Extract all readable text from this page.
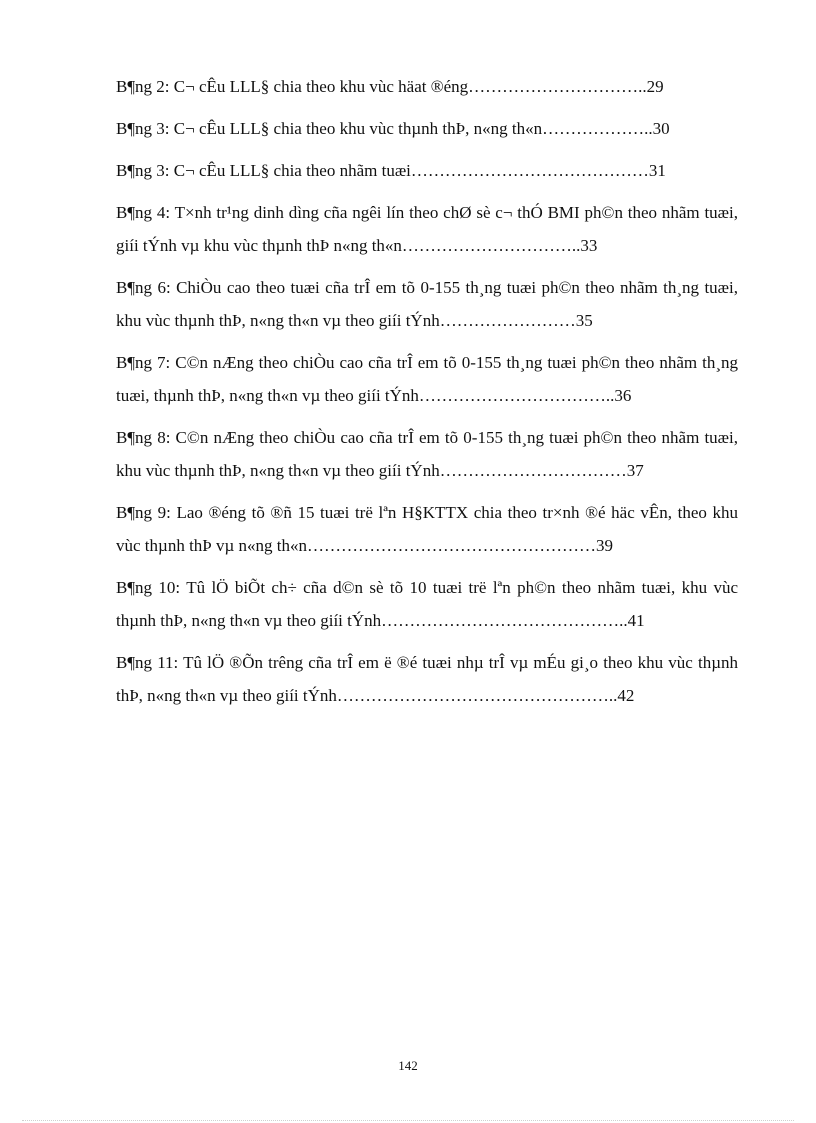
B¶ng 2: C¬ cÊu LLL§ chia theo khu vùc häat ®éng…………………………..29

B¶ng 3: C¬ cÊu LLL§ chia theo khu vùc thµnh thÞ, n«ng th«n………………..30

B¶ng 3: C¬ cÊu LLL§ chia theo nhãm tuæi……………………………………31

B¶ng 4: T×nh tr¹ng dinh dìng cña ngêi lín theo chØ sè c¬ thÓ BMI ph©n theo nhãm tuæi, giíi tÝnh vµ khu vùc thµnh thÞ n«ng th«n…………………………..33

B¶ng 6: ChiÒu cao theo tuæi cña trÎ em tõ 0-155 th¸ng tuæi ph©n theo nhãm th¸ng tuæi, khu vùc thµnh thÞ, n«ng th«n vµ theo giíi tÝnh……………………35

B¶ng 7: C©n nÆng theo chiÒu cao cña trÎ em tõ 0-155 th¸ng tuæi ph©n theo nhãm th¸ng tuæi, thµnh thÞ, n«ng th«n vµ theo giíi tÝnh……………………………..36

B¶ng 8: C©n nÆng theo chiÒu cao cña trÎ em tõ 0-155 th¸ng tuæi ph©n theo nhãm tuæi, khu vùc thµnh thÞ, n«ng th«n vµ theo giíi tÝnh……………………………37

B¶ng 9: Lao ®éng tõ ®ñ 15 tuæi trë lªn H§KTTX chia theo tr×nh ®é häc vÊn, theo khu vùc thµnh thÞ vµ n«ng th«n……………………………………………39

B¶ng 10: Tû lÖ biÕt ch÷ cña d©n sè tõ 10 tuæi trë lªn ph©n theo nhãm tuæi, khu vùc thµnh thÞ, n«ng th«n vµ theo giíi tÝnh……………………………………..41

B¶ng 11: Tû lÖ ®Õn trêng cña trÎ em ë ®é tuæi nhµ trÎ vµ mÉu gi¸o theo khu vùc thµnh thÞ, n«ng th«n vµ theo giíi tÝnh…………………………………………..42

142
